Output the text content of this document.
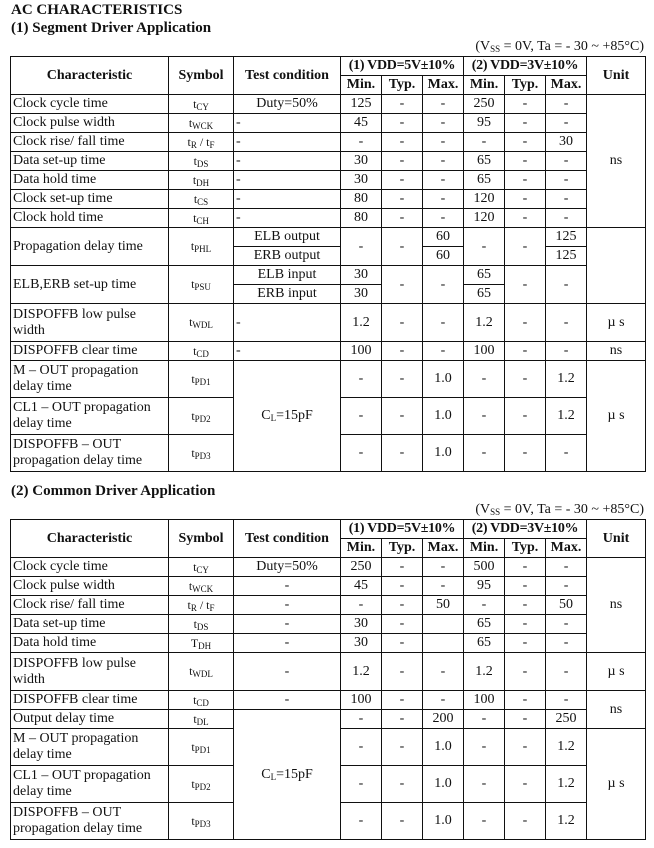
AC CHARACTERISTICS
(1) Segment Driver Application
($V_{SS} = 0V$, Ta = - 30 ~ +85°C)
Characteristic	Symbol	Test condition	(1) VDD=5V±10%			(2) VDD=3V±10%			Unit
			Min.	Typ.	Max.	Min.	Typ.	Max.	
Clock cycle time	$t_{CY}$	Duty=50%	125	-	-	250	-	-	ns
Clock pulse width	$t_{WCK}$	-	45	-	-	95	-	-	
Clock rise/ fall time	$t_R / t_F$	-	-	-	-	-	-	30	
Data set-up time	$t_{DS}$	-	30	-	-	65	-	-	
Data hold time	$t_{DH}$	-	30	-	-	65	-	-	
Clock set-up time	$t_{CS}$	-	80	-	-	120	-	-	
Clock hold time	$t_{CH}$	-	80	-	-	120	-	-	
Propagation delay time	$t_{PHL}$	ELB output	-	-	60	-	-	125	
		ERB output			60			125	
ELB,ERB set-up time	$t_{PSU}$	ELB input	30	-	-	65	-	-	
		ERB input	30			65			
DISPOFFB low pulse width	$t_{WDL}$	-	1.2	-	-	1.2	-	-	µ s
DISPOFFB clear time	$t_{CD}$	-	100	-	-	100	-	-	ns
M – OUT propagation delay time	$t_{PD1}$	$C_L=15pF$	-	-	1.0	-	-	1.2	µ s
CL1 – OUT propagation delay time	$t_{PD2}$		-	-	1.0	-	-	1.2	
DISPOFFB – OUT propagation delay time	$t_{PD3}$		-	-	1.0	-	-	-	
(2) Common Driver Application
($V_{SS} = 0V$, Ta = - 30 ~ +85°C)
Characteristic	Symbol	Test condition	(1) VDD=5V±10%			(2) VDD=3V±10%			Unit
			Min.	Typ.	Max.	Min.	Typ.	Max.	
Clock cycle time	$t_{CY}$	Duty=50%	250	-	-	500	-	-	ns
Clock pulse width	$t_{WCK}$	-	45	-	-	95	-	-	
Clock rise/ fall time	$t_R / t_F$	-	-	-	50	-	-	50	
Data set-up time	$t_{DS}$	-	30	-		65	-	-	
Data hold time	$T_{DH}$	-	30	-		65	-	-	
DISPOFFB low pulse width	$t_{WDL}$	-	1.2	-	-	1.2	-	-	µ s
DISPOFFB clear time	$t_{CD}$	-	100	-	-	100	-	-	ns
Output delay time	$t_{DL}$	$C_L=15pF$	-	-	200	-	-	250	
M – OUT propagation delay time	$t_{PD1}$		-	-	1.0	-	-	1.2	µ s
CL1 – OUT propagation delay time	$t_{PD2}$		-	-	1.0	-	-	1.2	
DISPOFFB – OUT propagation delay time	$t_{PD3}$		-	-	1.0	-	-	1.2	
